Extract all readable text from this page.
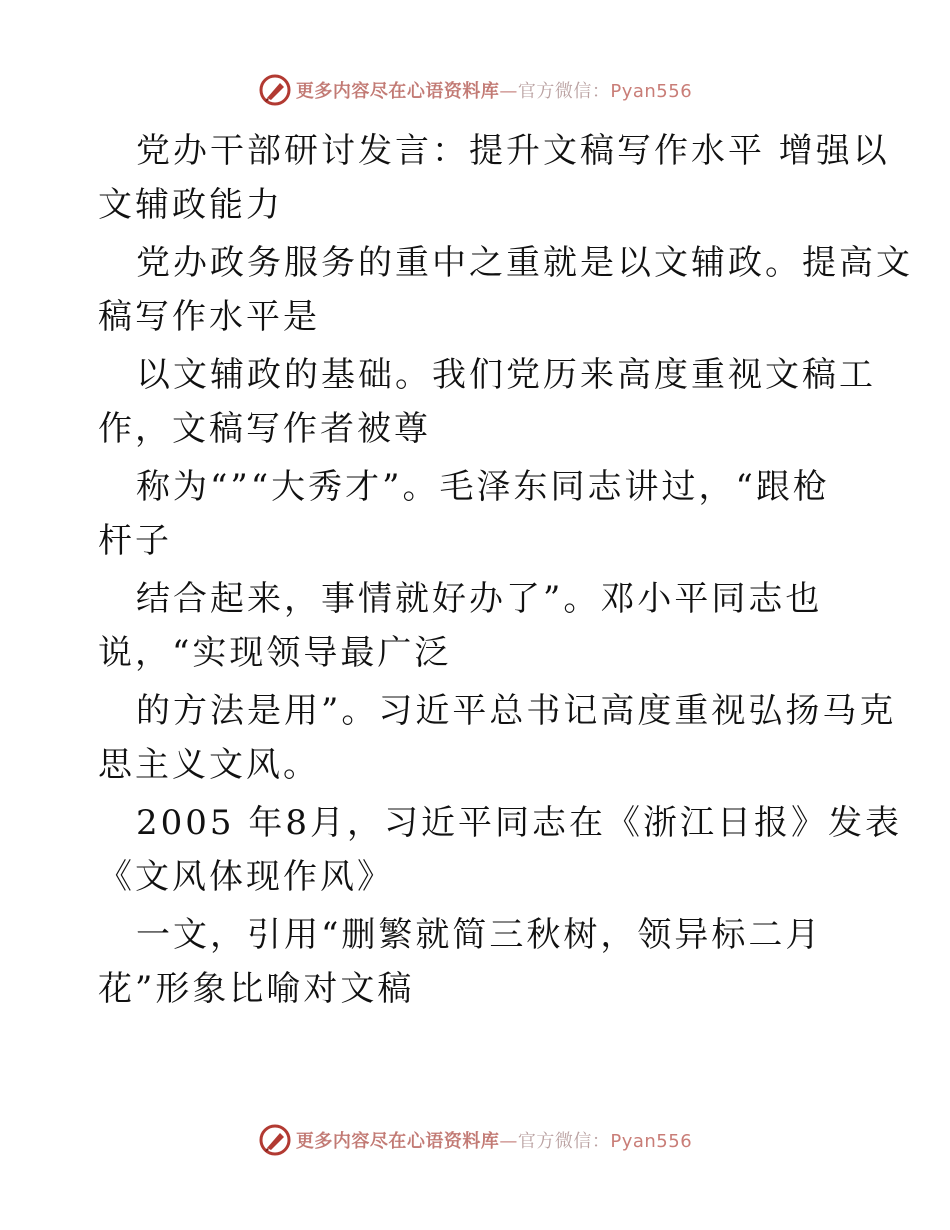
更多内容尽在心语资料库—官方微信：Pyan556

党办干部研讨发言：提升文稿写作水平 增强以
文辅政能力

党办政务服务的重中之重就是以文辅政。提高文
稿写作水平是

以文辅政的基础。我们党历来高度重视文稿工
作，文稿写作者被尊

称为“”“大秀才”。毛泽东同志讲过，“跟枪
杆子

结合起来，事情就好办了”。邓小平同志也
说，“实现领导最广泛

的方法是用”。习近平总书记高度重视弘扬马克
思主义文风。

2005 年8月，习近平同志在《浙江日报》发表
《文风体现作风》

一文，引用“删繁就简三秋树，领异标二月
花”形象比喻对文稿

更多内容尽在心语资料库—官方微信：Pyan556
